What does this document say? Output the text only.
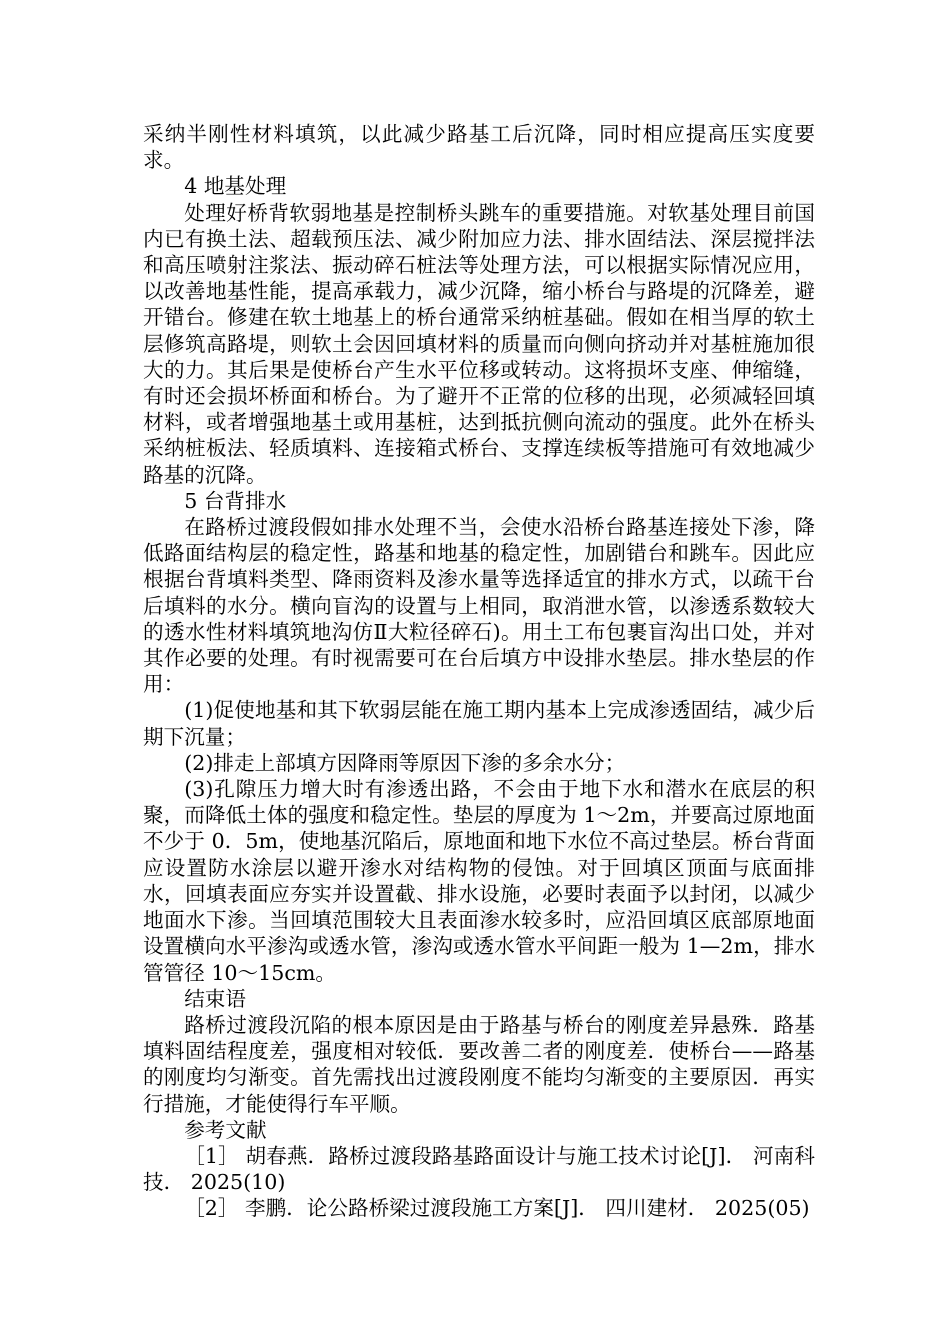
采纳半刚性材料填筑，以此减少路基工后沉降，同时相应提高压实度要求。

4 地基处理

处理好桥背软弱地基是控制桥头跳车的重要措施。对软基处理目前国内已有换土法、超载预压法、减少附加应力法、排水固结法、深层搅拌法和高压喷射注浆法、振动碎石桩法等处理方法，可以根据实际情况应用，以改善地基性能，提高承载力，减少沉降，缩小桥台与路堤的沉降差，避开错台。修建在软土地基上的桥台通常采纳桩基础。假如在相当厚的软土层修筑高路堤，则软土会因回填材料的质量而向侧向挤动并对基桩施加很大的力。其后果是使桥台产生水平位移或转动。这将损坏支座、伸缩缝，有时还会损坏桥面和桥台。为了避开不正常的位移的出现，必须减轻回填材料，或者增强地基土或用基桩，达到抵抗侧向流动的强度。此外在桥头采纳桩板法、轻质填料、连接箱式桥台、支撑连续板等措施可有效地减少路基的沉降。

5 台背排水

在路桥过渡段假如排水处理不当，会使水沿桥台路基连接处下渗，降低路面结构层的稳定性，路基和地基的稳定性，加剧错台和跳车。因此应根据台背填料类型、降雨资料及渗水量等选择适宜的排水方式，以疏干台后填料的水分。横向盲沟的设置与上相同，取消泄水管，以渗透系数较大的透水性材料填筑地沟仿Ⅱ大粒径碎石)。用土工布包裹盲沟出口处，并对其作必要的处理。有时视需要可在台后填方中设排水垫层。排水垫层的作用：

(1)促使地基和其下软弱层能在施工期内基本上完成渗透固结，减少后期下沉量；

(2)排走上部填方因降雨等原因下渗的多余水分；

(3)孔隙压力增大时有渗透出路，不会由于地下水和潜水在底层的积聚，而降低土体的强度和稳定性。垫层的厚度为 1～2m，并要高过原地面不少于 0．5m，使地基沉陷后，原地面和地下水位不高过垫层。桥台背面应设置防水涂层以避开渗水对结构物的侵蚀。对于回填区顶面与底面排水，回填表面应夯实并设置截、排水设施，必要时表面予以封闭，以减少地面水下渗。当回填范围较大且表面渗水较多时，应沿回填区底部原地面设置横向水平渗沟或透水管，渗沟或透水管水平间距一般为 1—2m，排水管管径 10～15cm。

结束语

路桥过渡段沉陷的根本原因是由于路基与桥台的刚度差异悬殊．路基填料固结程度差，强度相对较低．要改善二者的刚度差．使桥台——路基的刚度均匀渐变。首先需找出过渡段刚度不能均匀渐变的主要原因．再实行措施，才能使得行车平顺。

参考文献

［1］ 胡春燕．路桥过渡段路基路面设计与施工技术讨论[J]． 河南科技． 2025(10)

［2］ 李鹏．论公路桥梁过渡段施工方案[J]． 四川建材． 2025(05)
